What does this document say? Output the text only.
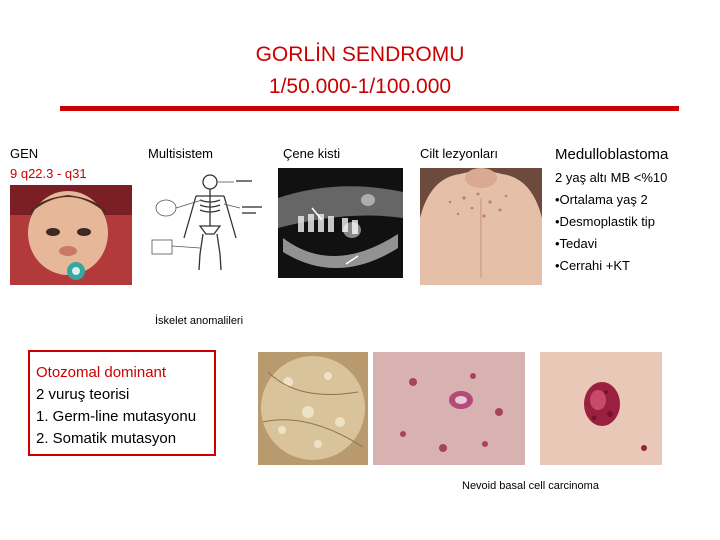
GORLİN SENDROMU
1/50.000-1/100.000
GEN
9 q22.3 - q31
Multisistem	Çene kisti	Cilt lezyonları	Medulloblastoma
2 yaş altı MB <%10
•Ortalama yaş 2
•Desmoplastik tip
•Tedavi
•Cerrahi +KT
İskelet anomalileri
Otozomal dominant
2 vuruş teorisi
1. Germ-line mutasyonu
2. Somatik mutasyon
Nevoid basal cell carcinoma
